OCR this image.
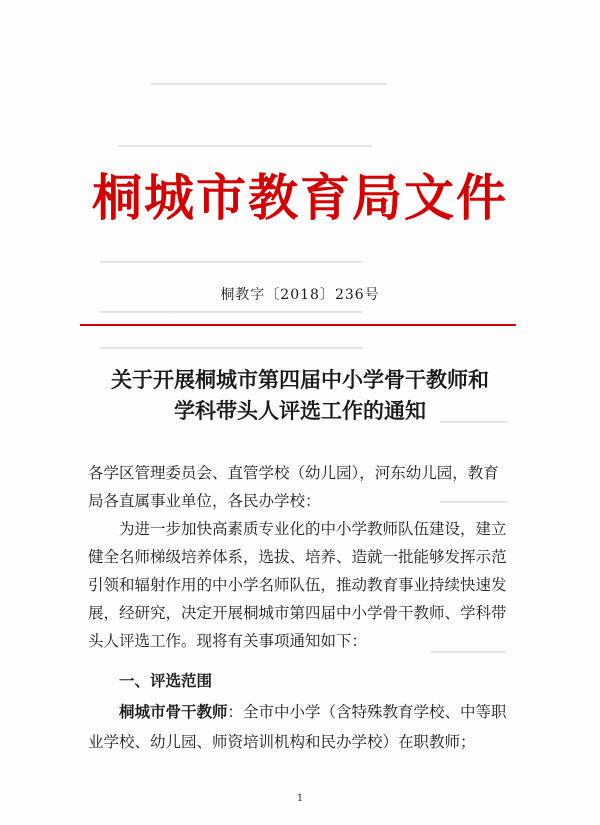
▁▁▁▁▁▁▁▁▁▁▁▁▁▁▁▁▁▁▁▁▁▁▁▁▁▁▁▁
▁▁▁▁▁▁▁▁▁▁▁▁▁▁▁▁▁▁▁▁▁▁▁▁▁▁▁▁▁▁
▁▁▁▁▁▁▁▁▁▁▁▁▁▁▁▁▁▁▁▁▁▁▁▁▁▁▁▁▁▁▁
▁▁▁▁▁▁▁▁▁▁▁▁▁▁▁▁▁▁▁▁▁▁▁▁▁▁▁▁▁▁▁
▁▁▁▁▁▁▁▁▁▁▁▁▁▁▁▁▁▁▁▁▁▁▁▁▁▁▁▁▁▁▁
▁▁▁▁▁▁▁▁
▁▁▁▁▁▁▁▁
▁▁▁▁▁▁▁▁▁
桐城市教育局文件
桐教字〔2018〕236号
关于开展桐城市第四届中小学骨干教师和
学科带头人评选工作的通知
各学区管理委员会、直管学校（幼儿园），河东幼儿园，教育局各直属事业单位，各民办学校：
为进一步加快高素质专业化的中小学教师队伍建设，建立健全名师梯级培养体系，选拔、培养、造就一批能够发挥示范引领和辐射作用的中小学名师队伍，推动教育事业持续快速发展，经研究，决定开展桐城市第四届中小学骨干教师、学科带头人评选工作。现将有关事项通知如下：
一、评选范围
桐城市骨干教师：全市中小学（含特殊教育学校、中等职业学校、幼儿园、师资培训机构和民办学校）在职教师；
1
